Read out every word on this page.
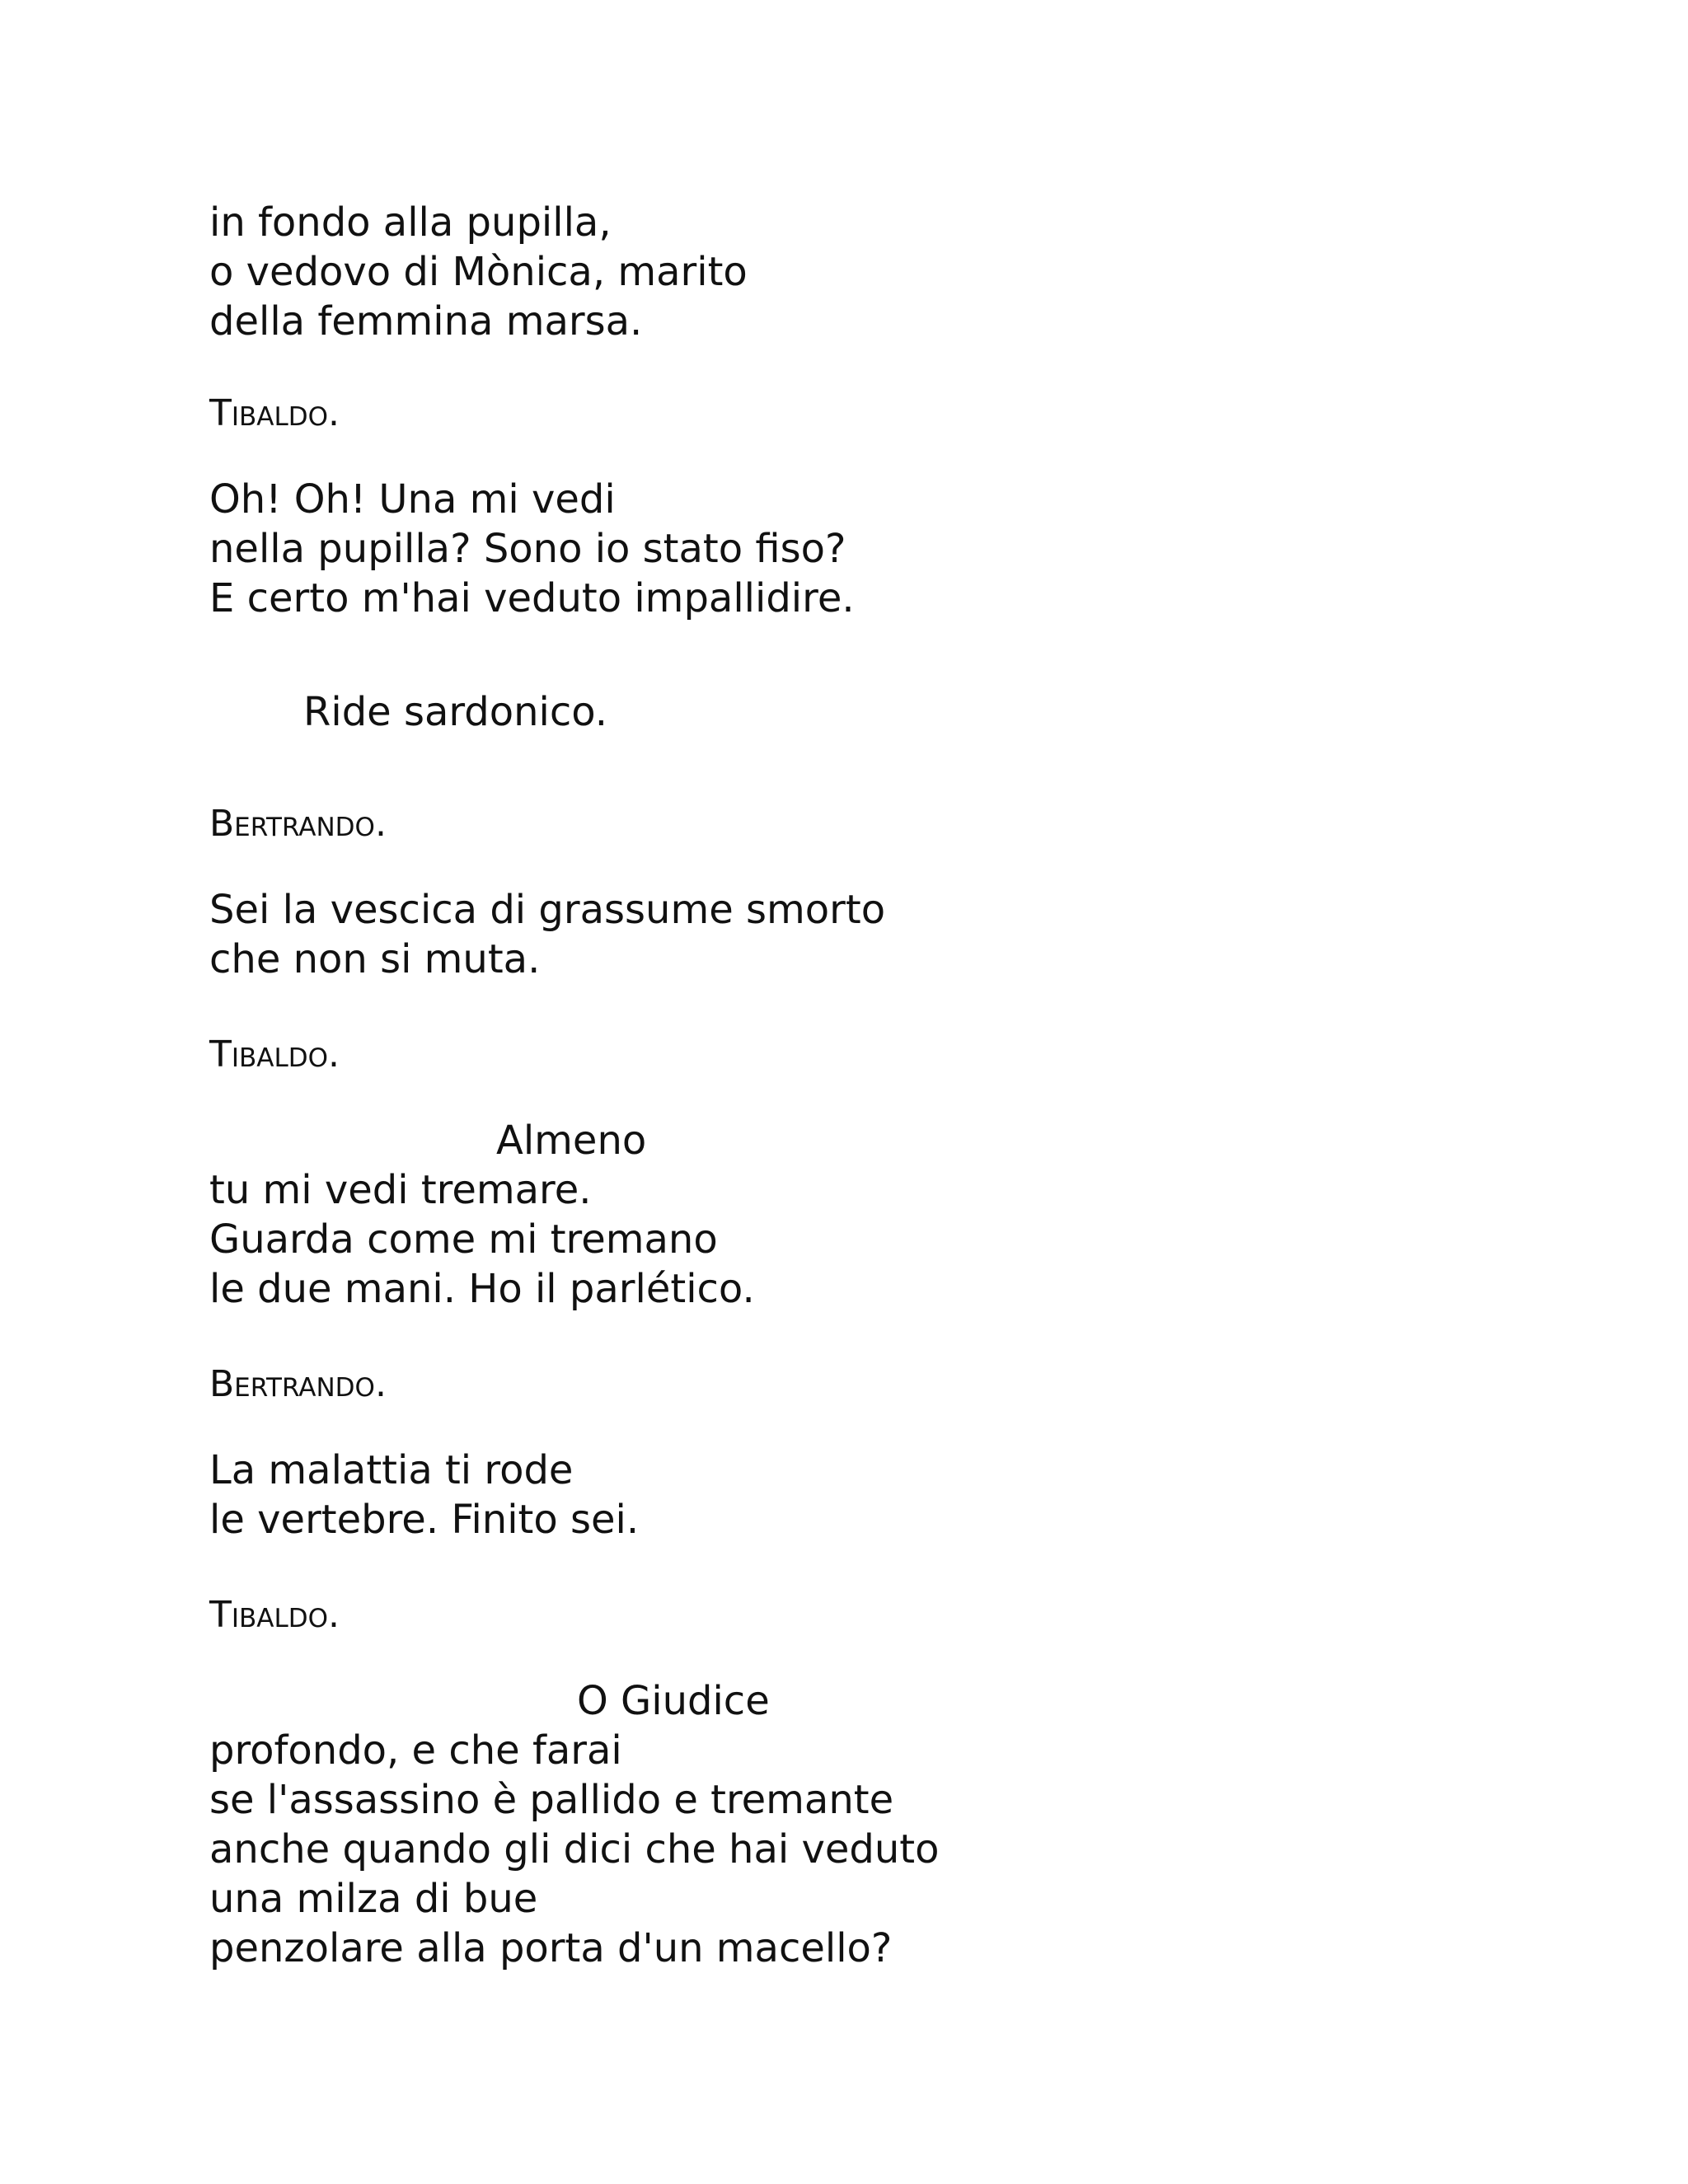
in fondo alla pupilla,
o vedovo di Mònica, marito
della femmina marsa.
Tibaldo.
Oh! Oh! Una mi vedi
nella pupilla? Sono io stato fiso?
E certo m'hai veduto impallidire.
Ride sardonico.
Bertrando.
Sei la vescica di grassume smorto
che non si muta.
Tibaldo.
Almeno
tu mi vedi tremare.
Guarda come mi tremano
le due mani. Ho il parlético.
Bertrando.
La malattia ti rode
le vertebre. Finito sei.
Tibaldo.
O Giudice
profondo, e che farai
se l'assassino è pallido e tremante
anche quando gli dici che hai veduto
una milza di bue
penzolare alla porta d'un macello?
